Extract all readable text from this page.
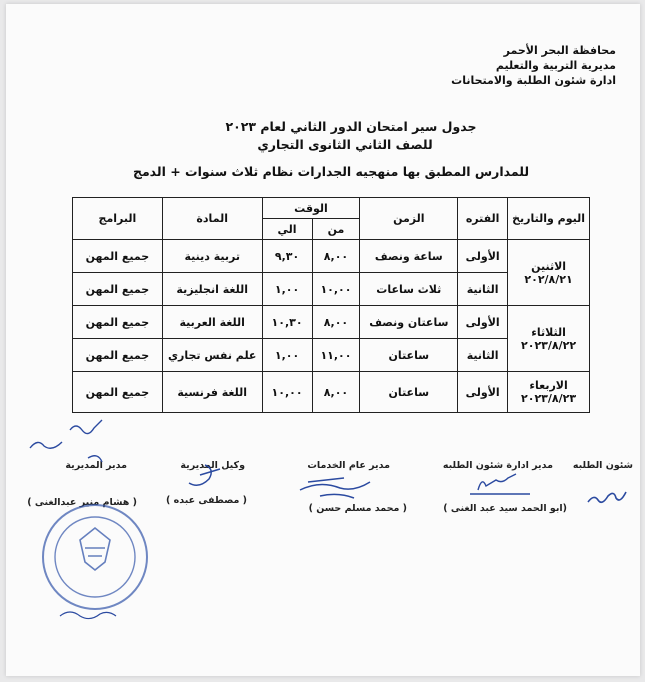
محافظة البحر الأحمر
مديرية التربية والتعليم
ادارة شئون الطلبة والامتحانات
جدول سير امتحان الدور الثاني لعام ٢٠٢٣
للصف الثاني الثانوى التجاري
للمدارس المطبق بها منهجيه الجدارات نظام ثلاث سنوات + الدمج
اليوم والتاريخ	الفتره	الزمن	الوقت		المادة	البرامج
			من	الي		

الاثنين
٢٠٢/٨/٢١	الأولى	ساعة ونصف	٨,٠٠	٩,٣٠	تربية دينية	جميع المهن
	الثانية	ثلاث ساعات	١٠,٠٠	١,٠٠	اللغة انجليزية	جميع المهن

الثلاثاء
٢٠٢٣/٨/٢٢	الأولى	ساعتان ونصف	٨,٠٠	١٠,٣٠	اللغة العربية	جميع المهن
	الثانية	ساعتان	١١,٠٠	١,٠٠	علم نفس تجاري	جميع المهن

الاربعاء
٢٠٢٣/٨/٢٣	الأولى	ساعتان	٨,٠٠	١٠,٠٠	اللغة فرنسية	جميع المهن
شئون الطلبه
مدير ادارة شئون الطلبه
(ابو الحمد سيد عبد الغنى )
مدير عام الخدمات
( محمد مسلم حسن )
وكيل المديرية
( مصطفى عبده )
مدير المديرية
( هشام منير عبدالغنى )
